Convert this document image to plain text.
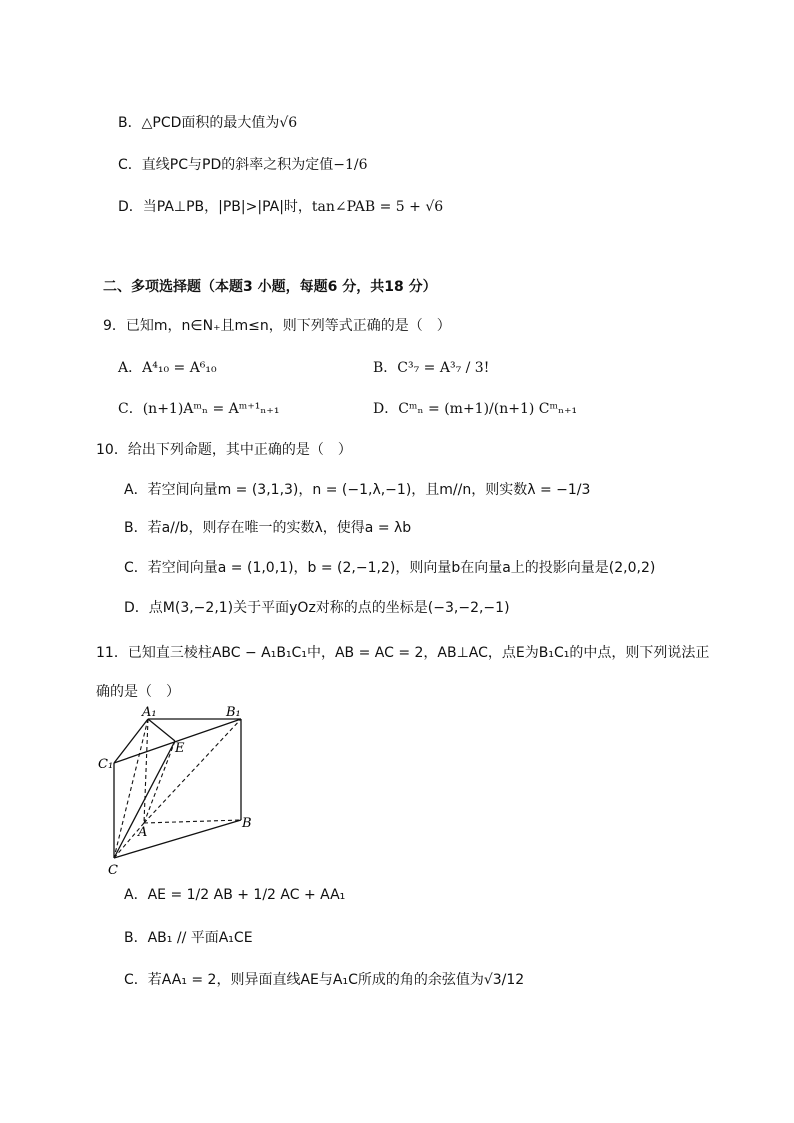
B．△PCD面积的最大值为√6
C．直线PC与PD的斜率之积为定值−1/6
D．当PA⊥PB，|PB|>|PA|时，tan∠PAB = 5 + √6
二、多项选择题（本题3 小题，每题6 分，共18 分）
9．已知m，n∈N₊且m≤n，则下列等式正确的是（　）
A．A⁴₁₀ = A⁶₁₀	B．C³₇ = A³₇ / 3!
C．(n+1)Aᵐₙ = Aᵐ⁺¹ₙ₊₁	D．Cᵐₙ = (m+1)/(n+1) Cᵐₙ₊₁
10．给出下列命题，其中正确的是（　）
A．若空间向量m = (3,1,3)，n = (−1,λ,−1)，且m//n，则实数λ = −1/3
B．若a//b，则存在唯一的实数λ，使得a = λb
C．若空间向量a = (1,0,1)，b = (2,−1,2)，则向量b在向量a上的投影向量是(2,0,2)
D．点M(3,−2,1)关于平面yOz对称的点的坐标是(−3,−2,−1)
11．已知直三棱柱ABC − A₁B₁C₁中，AB = AC = 2，AB⊥AC，点E为B₁C₁的中点，则下列说法正
确的是（　）
A₁	B₁
C₁
E
A
B
C
A．AE = 1/2 AB + 1/2 AC + AA₁
B．AB₁ // 平面A₁CE
C．若AA₁ = 2，则异面直线AE与A₁C所成的角的余弦值为√3/12
